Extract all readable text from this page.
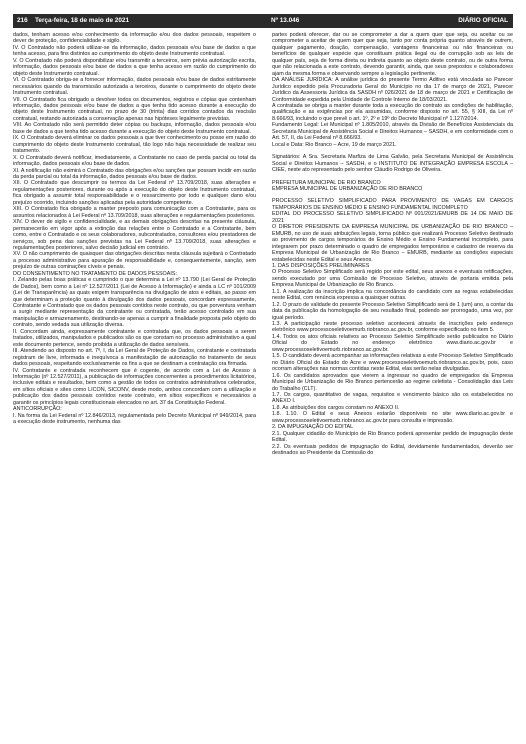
216 Terça-feira, 18 de maio de 2021	Nº 13.046	DIÁRIO OFICIAL

dados, tenham acesso e/ou conhecimento da informação e/ou dos dados pessoais, respeitem o dever de proteção, confidencialidade e sigilo.

IV. O Contratado não poderá utilizar-se da informação, dados pessoais e/ou base de dados a que tenha acesso, para fins distintos ao cumprimento do objeto deste Instrumento contratual.

V. O Contratado não poderá disponibilizar e/ou transmitir a terceiros, sem prévia autorização escrita, informação, dados pessoais e/ou base de dados a que tenha acesso em razão do cumprimento do objeto deste Instrumento contratual.

VI. O Contratado obriga-se a fornecer informação, dados pessoais e/ou base de dados estritamente necessários quando da transmissão autorizada a terceiros, durante o cumprimento do objeto deste Instrumento contratual.

VII. O Contratado fica obrigado a devolver todos os documentos, registros e cópias que contenham informação, dados pessoais e/ou base de dados a que tenha tido acesso durante a execução do objeto deste Instrumento contratual, no prazo de 30 (trinta) dias corridos contados da rescisão contratual, restando autorizada a conservação apenas nas hipóteses legalmente previstas.

VIII. Ao Contratado não será permitido deter cópias ou backups, informação, dados pessoais e/ou base de dados a que tenha tido acesso durante a execução do objeto deste Instrumento contratual.

IX. O Contratado deverá eliminar os dados pessoais a que tiver conhecimento ou posse em razão do cumprimento do objeto deste Instrumento contratual, tão logo não haja necessidade de realizar seu tratamento.

X. O Contratado deverá notificar, imediatamente, a Contratante no caso de perda parcial ou total da informação, dados pessoais e/ou base de dados.

XI. A notificação não eximirá o Contratado das obrigações e/ou sanções que possam incidir em razão da perda parcial ou total da informação, dados pessoais e/ou base de dados.

XII. O Contratado que descumprir os termos da Lei Federal nº 13.709/2018, suas alterações e regulamentações posteriores, durante ou após a execução do objeto deste Instrumento contratual, fica obrigado a assumir total responsabilidade e o ressarcimento por todo e qualquer dano e/ou prejuízo ocorrido, incluindo sanções aplicadas pela autoridade competente.

XIII. O Contratado fica obrigado a manter preposto para comunicação com a Contratante, para os assuntos relacionados à Lei Federal nº 13.709/2018, suas alterações e regulamentações posteriores.

XIV. O dever de sigilo e confidencialidade, e as demais obrigações descritas na presente cláusula, permanecerão em vigor após a extinção das relações entre o Contratado e a Contratante, bem como, entre o Contratado e os seus colaboradores, subcontratados, consultores e/ou prestadores de serviços, sob pena das sanções previstas na Lei Federal nº 13.709/2018, suas alterações e regulamentações posteriores, salvo decisão judicial em contrário.

XV. O não cumprimento de quaisquer das obrigações descritas nesta cláusula sujeitará o Contratado a processo administrativo para apuração de responsabilidade e, consequentemente, sanção, sem prejuízo de outras cominações cíveis e penais.

DO CONSENTIMENTO NO TRATAMENTO DE DADOS PESSOAIS:

I. Zelando pelas boas práticas e cumprindo o que determina a Lei nº 13.790 (Lei Geral de Proteção de Dados), bem como a Lei nº 12.527/2011 (Lei de Acesso à Informação) e ainda a LC nº 101/2009 (Lei de Transparência) as quais exigem transparência na divulgação de atos e editais, ao passo em que determinam a proteção quanto à divulgação dos dados pessoais, concordam expressamente, Contratante e Contratado que os dados pessoais contidos neste contrato, ou que porventura venham a surgir mediante representação da contratante ou contratada, terão acesso controlado em sua manipulação e armazenamento, destinando-se apenas a cumprir a finalidade proposta pelo objeto do contrato, sendo vedada sua utilização diversa.

II. Concordam ainda, expressamente contratante e contratada que, os dados pessoais a serem tratados, utilizados, manipulados e publicados são os que constam no processo administrativo a qual este documento pertence, sendo proibida a utilização de dados sensíveis.

III. Atendendo ao disposto no art. 7º, I, da Lei Geral de Proteção de Dados, contratante e contratada registram de livre, informada e inequívoca a manifestação de autorização no tratamento de seus dados pessoais, respeitando exclusivamente os fins a que se destinam a contratação ora firmada.

IV. Contratante e contratada reconhecem que é cogente, de acordo com a Lei de Acesso à Informação (nº 12.527/2011), a publicação de informações concernentes a procedimentos licitatórios, inclusive editais e resultados, bem como a gestão de todos os contratos administrativos celebrados, em sítios oficiais e sites como LICON, SICONV, desde modo, ambos concordam com a utilização e publicação dos dados pessoais contidos neste contrato, em sítios específicos e necessários a garantir os princípios legais constitucionais elencados no art. 37 da Constituição Federal.

ANTICORRUPÇÃO:

I. Na forma da Lei Federal nº 12.846/2013, regulamentada pelo Decreto Municipal nº 949/2014, para a execução deste instrumento, nenhuma das

partes poderá oferecer, dar ou se comprometer a dar a quem quer que seja, ou aceitar ou se comprometer a aceitar de quem quer que seja, tanto por conta própria quanto através de outrem, qualquer pagamento, doação, compensação, vantagens financeiras ou não financeiras ou benefícios de qualquer espécie que constituam prática ilegal ou de corrupção sob as leis de qualquer país, seja de forma direta ou indireta quanto ao objeto deste contrato, ou de outra forma que não relacionada a este contrato, devendo garantir, ainda, que seus prepostos e colaboradores ajam da mesma forma e observando sempre a legislação pertinente.

DA ANÁLISE JURÍDICA: A análise jurídica do presente Termo Aditivo está vinculada ao Parecer Jurídico expedido pela Procuradoria Geral do Município no dia 17 de março de 2021, Parecer Jurídico da Assessoria Jurídica da SASDH nº 026/2021 de 18 de março de 2021 e Certificação de Conformidade expedida pela Unidade de Controle Interno de 18/03/2021.

A contratada se obriga a manter durante toda a execução do contrato as condições de habilitação, qualificação e as exigências por ela assumidas, conforme disposto no art. 55, § XIII, da Lei nº 8.666/93, incluindo o que prevê o art. 1º, 2º e 19º do Decreto Municipal nº 1.127/2014.

Fundamento Legal: Lei Municipal nº 1.805/2010, através da Divisão de Benefícios Assistenciais da Secretaria Municipal de Assistência Social e Direitos Humanos – SASDH, e em conformidade com o Art. 57, II, da Lei Federal nº 8.666/93.

Local e Data: Rio Branco – Acre, 19 de março 2021.

Signatários: A Sra. Secretaria Marfiza de Lima Galvão, pela Secretaria Municipal de Assistência Social e Direitos Humanos – SASDH, e o INSTITUTO DE INTEGRAÇÃO EMPRESA ESCOLA – CIEE, neste ato representado pelo senhor Cláudio Rodrigo de Oliveira.

PREFEITURA MUNICIPAL DE RIO BRANCO

EMPRESA MUNICIPAL DE URBANIZAÇÃO DE RIO BRANCO

PROCESSO SELETIVO SIMPLIFICADO PARA PROVIMENTO DE VAGAS EM CARGOS TEMPORÁRIOS DE ENSINO MÉDIO E ENSINO FUNDAMENTAL INCOMPLETO

EDITAL DO PROCESSO SELETIVO SIMPLIFICADO Nº 001/2021/EMURB DE 14 DE MAIO DE 2021

O DIRETOR PRESIDENTE DA EMPRESA MUNICIPAL DE URBANIZAÇÃO DE RIO BRANCO – EMURB, no uso de suas atribuições legais, torna público que realizará Processo Seletivo destinado ao provimento de cargos temporários de Ensino Médio e Ensino Fundamental incompleto, para integrarem por prazo determinado o quadro de empregados temporários e cadastro de reserva da Empresa Municipal de Urbanização de Rio Branco – EMURB, mediante as condições especiais estabelecidas neste Edital e seus Anexos.

1. DAS DISPOSIÇÕES PRELIMINARES

O Processo Seletivo Simplificado será regido por este edital, seus anexos e eventuais retificações, sendo executado por uma Comissão de Processo Seletivo, através de portaria emitida pela Empresa Municipal de Urbanização de Rio Branco.

1.1. A realização da inscrição implica na concordância do candidato com as regras estabelecidas neste Edital, com renúncia expressa a quaisquer outras.

1.2. O prazo de validade do presente Processo Seletivo Simplificado será de 1 (um) ano, a contar da data da publicação da homologação de seu resultado final, podendo ser prorrogado, uma vez, por igual período.

1.3. A participação neste processo seletivo acontecerá através de inscrições pelo endereço eletrônico www.processoseletivoemurb.riobranco.ac.gov.br, conforme especificado no item 5.

1.4. Todos os atos oficiais relativos ao Processo Seletivo Simplificado serão publicados no Diário Oficial do Estado no endereço eletrônico www.diario.ac.gov.br e www.processoseletivoemurb.riobranco.ac.gov.br.

1.5. O candidato deverá acompanhar as informações relativas a este Processo Seletivo Simplificado no Diário Oficial do Estado do Acre e www.processoseletivoemurb.riobranco.ac.gov.br, pois, caso ocorram alterações nas normas contidas neste Edital, elas serão nelas divulgadas.

1.6. Os candidatos aprovados que vierem a ingressar no quadro de empregados da Empresa Municipal de Urbanização de Rio Branco pertencerão ao regime celetista - Consolidação das Leis do Trabalho (CLT).

1.7. Os cargos, quantitativo de vagas, requisitos e vencimento básico são os estabelecidos no ANEXO I.

1.8. As atribuições dos cargos constam no ANEXO II.

1.8. 1.10. O Edital e seus Anexos estarão disponíveis no site www.diario.ac.gov.br e www.processoseletivoemurb.riobranco.ac.gov.br para consulta e impressão.

2. DA IMPUGNAÇÃO DO EDITAL

2.1. Qualquer cidadão do Município de Rio Branco poderá apresentar pedido de impugnação deste Edital.

2.2. Os eventuais pedidos de impugnação do Edital, devidamente fundamentados, deverão ser destinados ao Presidente da Comissão do
